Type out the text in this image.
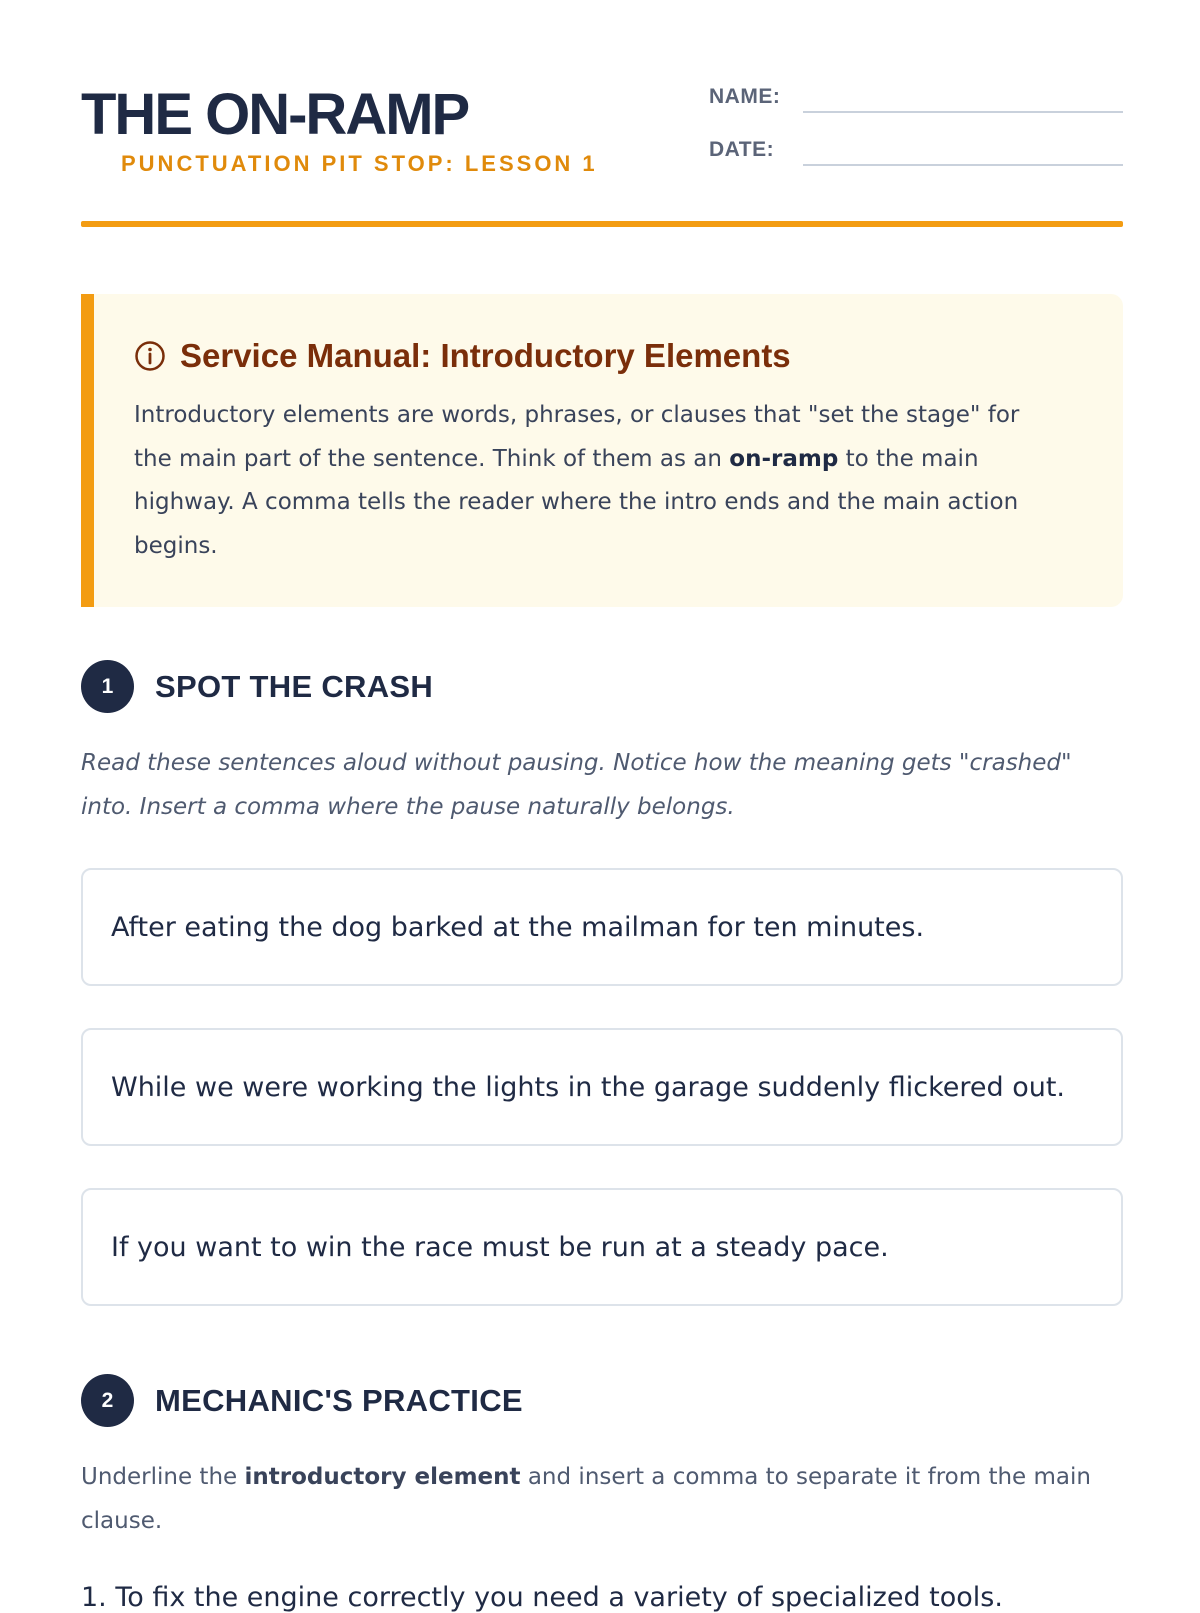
THE ON-RAMP
PUNCTUATION PIT STOP: LESSON 1
NAME:
DATE:
Service Manual: Introductory Elements
Introductory elements are words, phrases, or clauses that "set the stage" for the main part of the sentence. Think of them as an on-ramp to the main highway. A comma tells the reader where the intro ends and the main action begins.
1	SPOT THE CRASH
Read these sentences aloud without pausing. Notice how the meaning gets "crashed" into. Insert a comma where the pause naturally belongs.
After eating the dog barked at the mailman for ten minutes.
While we were working the lights in the garage suddenly flickered out.
If you want to win the race must be run at a steady pace.
2	MECHANIC'S PRACTICE
Underline the introductory element and insert a comma to separate it from the main clause.
1. To fix the engine correctly you need a variety of specialized tools.
